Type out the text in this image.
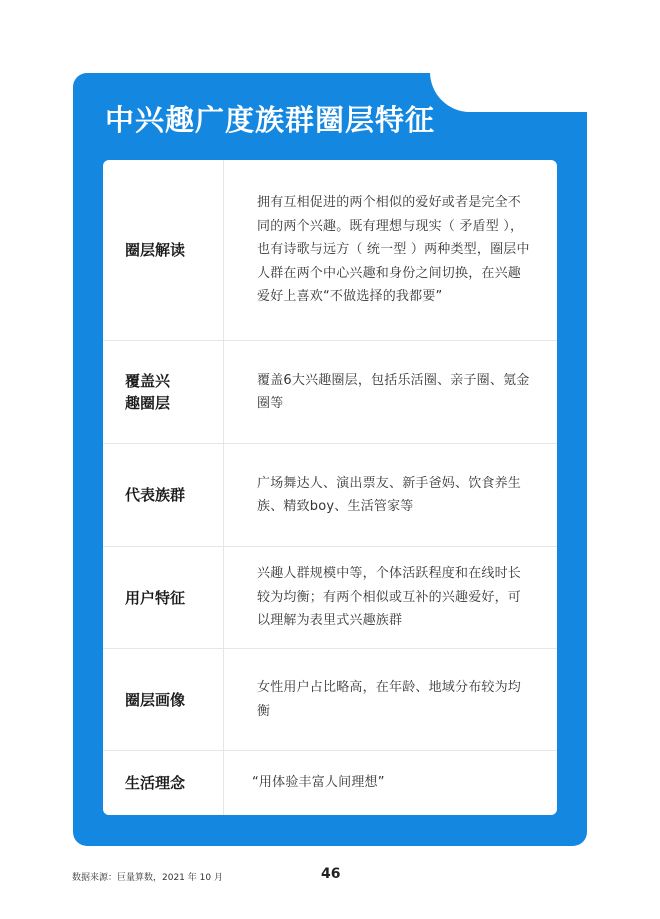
中兴趣广度族群圈层特征
圈层解读
拥有互相促进的两个相似的爱好或者是完全不同的两个兴趣。既有理想与现实（ 矛盾型 ），也有诗歌与远方（ 统一型 ）两种类型，圈层中人群在两个中心兴趣和身份之间切换，在兴趣爱好上喜欢“不做选择的我都要”
覆盖兴趣圈层
覆盖6大兴趣圈层，包括乐活圈、亲子圈、氪金圈等
代表族群
广场舞达人、演出票友、新手爸妈、饮食养生族、精致boy、生活管家等
用户特征
兴趣人群规模中等，个体活跃程度和在线时长较为均衡；有两个相似或互补的兴趣爱好，可以理解为表里式兴趣族群
圈层画像
女性用户占比略高，在年龄、地域分布较为均衡
生活理念	“用体验丰富人间理想”
数据来源：巨量算数，2021 年 10 月	46
